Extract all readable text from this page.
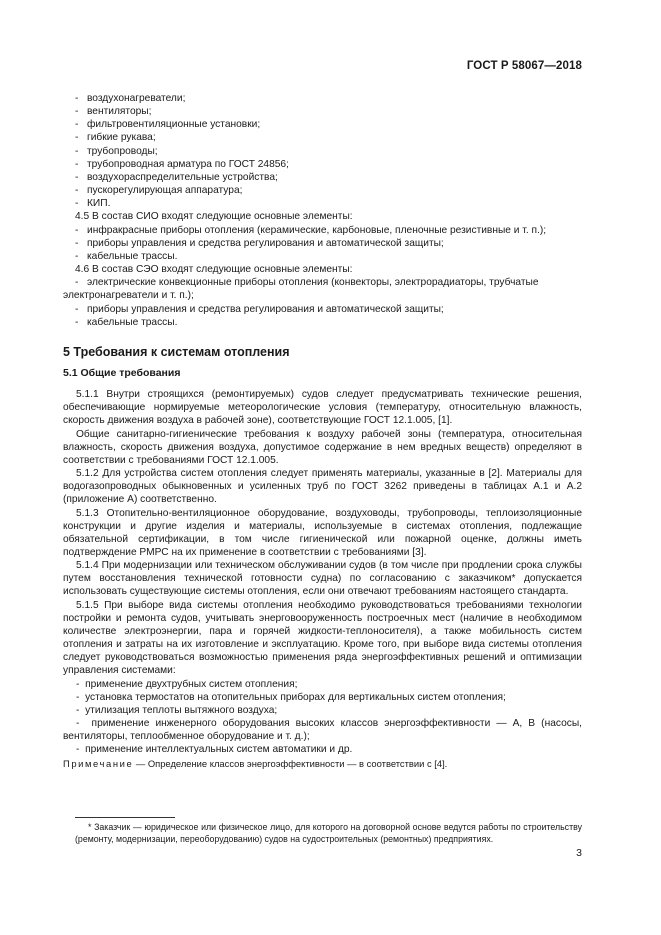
ГОСТ Р 58067—2018

- воздухонагреватели;

- вентиляторы;

- фильтровентиляционные установки;

- гибкие рукава;

- трубопроводы;

- трубопроводная арматура по ГОСТ 24856;

- воздухораспределительные устройства;

- пускорегулирующая аппаратура;

- КИП.

4.5 В состав СИО входят следующие основные элементы:

- инфракрасные приборы отопления (керамические, карбоновые, пленочные резистивные и т. п.);

- приборы управления и средства регулирования и автоматической защиты;

- кабельные трассы.

4.6 В состав СЭО входят следующие основные элементы:

- электрические конвекционные приборы отопления (конвекторы, электрорадиаторы, трубчатые

электронагреватели и т. п.);

- приборы управления и средства регулирования и автоматической защиты;

- кабельные трассы.

5 Требования к системам отопления
5.1 Общие требования

5.1.1 Внутри строящихся (ремонтируемых) судов следует предусматривать технические решения, обеспечивающие нормируемые метеорологические условия (температуру, относительную влажность, скорость движения воздуха в рабочей зоне), соответствующие ГОСТ 12.1.005, [1].

Общие санитарно-гигиенические требования к воздуху рабочей зоны (температура, относительная влажность, скорость движения воздуха, допустимое содержание в нем вредных веществ) определяют в соответствии с требованиями ГОСТ 12.1.005.

5.1.2 Для устройства систем отопления следует применять материалы, указанные в [2]. Материалы для водогазопроводных обыкновенных и усиленных труб по ГОСТ 3262 приведены в таблицах А.1 и А.2 (приложение А) соответственно.

5.1.3 Отопительно-вентиляционное оборудование, воздуховоды, трубопроводы, теплоизоляционные конструкции и другие изделия и материалы, используемые в системах отопления, подлежащие обязательной сертификации, в том числе гигиенической или пожарной оценке, должны иметь подтверждение РМРС на их применение в соответствии с требованиями [3].

5.1.4 При модернизации или техническом обслуживании судов (в том числе при продлении срока службы путем восстановления технической готовности судна) по согласованию с заказчиком* допускается использовать существующие системы отопления, если они отвечают требованиям настоящего стандарта.

5.1.5 При выборе вида системы отопления необходимо руководствоваться требованиями технологии постройки и ремонта судов, учитывать энерговооруженность построечных мест (наличие в необходимом количестве электроэнергии, пара и горячей жидкости-теплоносителя), а также мобильность систем отопления и затраты на их изготовление и эксплуатацию. Кроме того, при выборе вида системы отопления следует руководствоваться возможностью применения ряда энергоэффективных решений и оптимизации управления системами:

-  применение двухтрубных систем отопления;

-  установка термостатов на отопительных приборах для вертикальных систем отопления;

-  утилизация теплоты вытяжного воздуха;

-  применение инженерного оборудования высоких классов энергоэффективности — А, В (насосы, вентиляторы, теплообменное оборудование и т. д.);

-  применение интеллектуальных систем автоматики и др.

Примечание — Определение классов энергоэффективности — в соответствии с [4].

* Заказчик — юридическое или физическое лицо, для которого на договорной основе ведутся работы по строительству (ремонту, модернизации, переоборудованию) судов на судостроительных (ремонтных) предприятиях.

3
